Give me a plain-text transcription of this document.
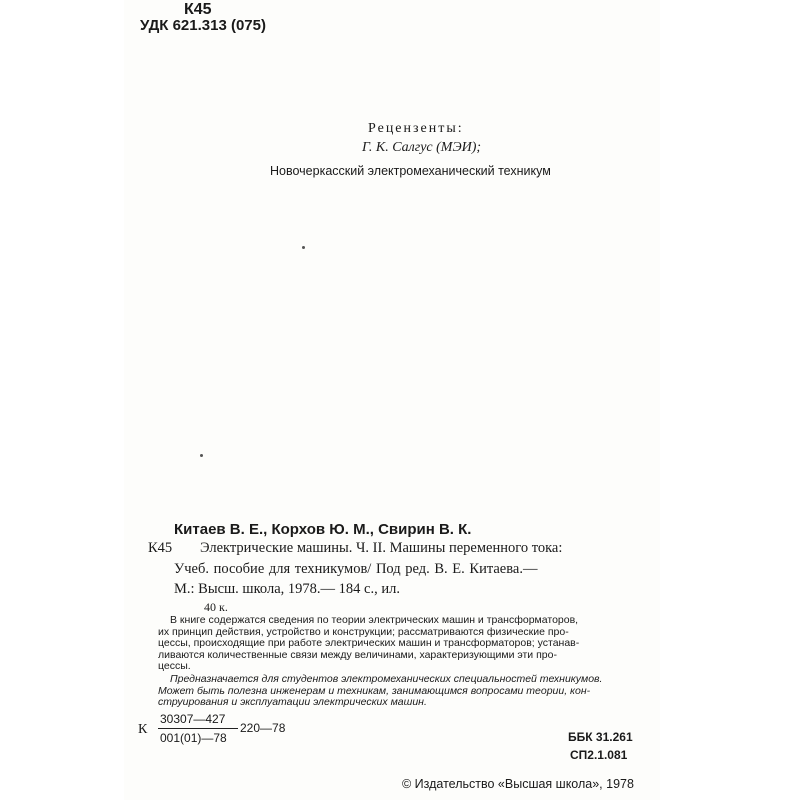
К45
УДК 621.313 (075)
Рецензенты:
Г. К. Салгус (МЭИ);
Новочеркасский электромеханический техникум
Китаев В. Е., Корхов Ю. М., Свирин В. К.
К45 Электрические машины. Ч. II. Машины переменного тока:
Учеб. пособие для техникумов/ Под ред. В. Е. Китаева.—
М.: Высш. школа, 1978.— 184 с., ил.
40 к.
В книге содержатся сведения по теории электрических машин и трансформаторов,
их принцип действия, устройство и конструкции; рассматриваются физические про-
цессы, происходящие при работе электрических машин и трансформаторов; устанав-
ливаются количественные связи между величинами, характеризующими эти про-
цессы.
Предназначается для студентов электромеханических специальностей техникумов.
Может быть полезна инженерам и техникам, занимающимся вопросами теории, кон-
струирования и эксплуатации электрических машин.
К
30307—427
220—78
001(01)—78	ББК 31.261
СП2.1.081
© Издательство «Высшая школа», 1978
